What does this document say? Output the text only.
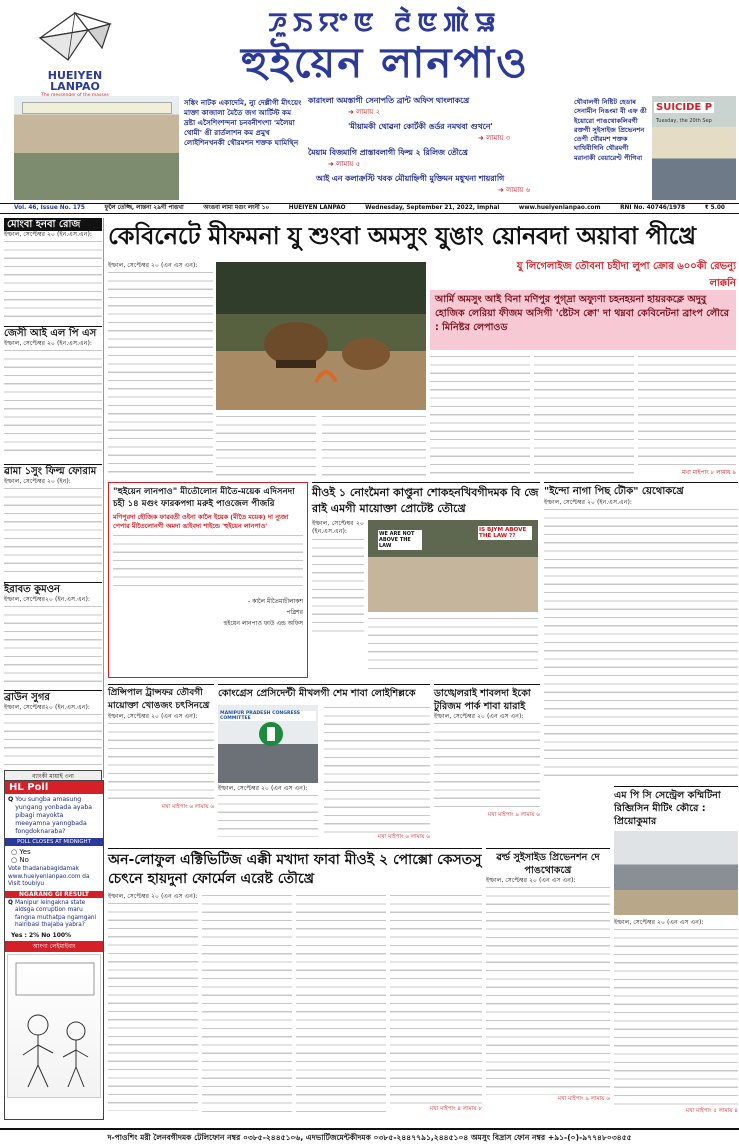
HUEIYEN LANPAO
ꯍꯨꯏꯌꯦꯟ ꯂꯥꯟꯄꯥꯎ
হুইয়েন লানপাও
সঙ্কিং নাটক একাদেমি, ন্যু দেল্লীগী মীৎয়েং মাক্তা কাজালা মৈতৈ জগ আর্টিস্ট কম দ্রষ্টা এসৈশিংশন্দনা চনবনীশংশা 'মলৈয়া থোমী' ঙী রার্তলাশন কম প্রমুখ লোইশিনখনকী থৌরমশন শক্তক ঘামিথ্নি
কারাংলা অমস্তাগী সেনাপতি ব্রান্ট অফিস থাংলাকখ্রে
➜ লামায় ২
'মীয়ামকী থোৱনা কোর্টকী ঙর্ডর নমথবা গুখনে'
➜ লামায় ৩
মৈয়াম বিজমাগি প্রাস্তাবলাগী ফিল্ম ২ রিলিজ তৌখ্রে
➜ লামায় ৫
আই এন কলাক্রস্টি খবক মৌয়াহ্নিগী মুক্তিমন মধুখনা শায়রাগি
➜ লামায় ৬
থৌবালগী নিষ্টিট হেডাৰ সেনামীন নিঙংমা বী এফ ঙী ইয়োরো পাঙথোকলিবগী রক্তগী সুইসাইজ প্রিভেনশন তেপী থৌরমশ শক্তক ঘাথিবীগিনি থৌরমগী মরানাকী বেয়ারেণ্ট পীগিবা
SUICIDE P
Tuesday, the 20th Sep
Vol. 46, Issue No. 175	ফুলৈ তেজ্জি, লান্তনা ২৯গী পাঙখা	অংঙবা লামা মগুং লংনী ১০	HUEIYEN LANPAO	Wednesday, September 21, 2022, Imphal	www.hueiyenlanpao.com	RNI No. 40746/1978	₹ 5.00
মোংবা হনবা রোজ
ইম্ফাল, সেপ্টেম্বর ২০ (ইন.এস.এন):
জেসী আই এল পি এস
ইম্ফাল, সেপ্টেম্বর ২০ (ইন.এস.এন):
ৱামা ১সুং ফিল্ম ফোরাম
ইম্ফাল, সেপ্টেম্বর ২০ (ইন):
ইরাবত কুমওন
ইম্ফাল, সেপ্টেম্বর২০ (ইন.এস.এন):
ব্রাউন সুগর
ইম্ফাল, সেপ্টেম্বর২০ (ইন.এস.এন):
ব্যাংকী মায়াই ৩না
HL Poll
Q You sungba amasung yungang yonbada ayaba pibagi mayokta meeyamna yanngbada fongdoknaraba?
POLL CLOSES AT MIDNIGHT
○ Yes
○ No
Vote thadanabagidamak www.hueiyenlanpao.com da Visit toubiyu
NGARANG GI RESULT
Q Manipur leingakna state aidsga corruption maru fangna muthatpa ngamgani hairibasi thajaba yabra?
Yes : 2% No 100%
আংগা লেইমাইবাং
কেবিনেটে মীফমনা যু শুংবা অমসুং যুঙাং য়োনবদা অয়াবা পীখ্রে
যু লিগেলাইজ তৌবনা চহীদা লুপা ক্রোর ৬০০কী রেভন্যু লাক্কনি
আর্মি অমসুং আই বিনা মণিপুর পুগ্দ্রা অফ্যুণা চহনহয়না হায়রকক্লে অদুবু হোজিক লেরিয়া ফীজম অসিগী 'ষ্টেটস ক্বো' দা থম্নবা কেবিনেটনা ব্রাংপ লৌরে : মিনিষ্টর লেপাওড
ইম্ফাল, সেপ্টেম্বর ২০ (এন এস এন):
মখা মাইপাং ৮ লামায় ৯
"হুইয়েন লানপাও" মীতৌলোন মীতৈ-ময়েক এদিসনদা চহী ১৪ মগুং ফারকপগা মরুই পাওজেল পীজরি
মণিপুরদা হৌজিক ফারবতী ওইনা কালৈ ইয়েক (মীতৈ ময়েক) দা ন্যুজা পেপার মীতৈলোনগী অমদা ঙাইবদা শাইন্ডে 'হুইয়েন লানপাও'
- কালৈ মীতৈমাচীলাকশ
পব্লিশর
হুইয়েন লানপাও ফাউ এন্ড অফিস
মীওই ১ নোংমৈনা কাপ্তুনা শোকহনখিবগীদমক বি জে রাই এমগী মায়োক্তা প্রোটেষ্ট তৌখ্রে
ইম্ফাল, সেপ্টেম্বর ২০ (ইন.এস.এন):	WE ARE NOT ABOVE THE LAW
IS BJYM ABOVE THE LAW ??
"ইন্দো নাগা পিছ টৌক" য়েথোকখ্রে
ইম্ফাল, সেপ্টেম্বর ২০ (ইন.এস.এন):
প্রিন্সিপাল ট্রান্সফর তৌবগী মায়োক্তা খোঙজং চৎসিনখ্রে
ইম্ফাল, সেপ্টেম্বর ২০ (এন এস এন):
মখা মাইপাং ৬ লামায় ৬
কোংগ্রেস প্রেসিদেন্টী মীখলগী শেম শাবা লোইশিল্লকে
MANIPUR PRADESH CONGRESS COMMITTEE
ইম্ফাল, সেপ্টেম্বর ২০ (এন এস এন):
মখা মাইপাং ৬ লামায় ৬
ডাঙ্খেলরাই শাবলদা ইকো টুরিজম পার্ক শাবা য়ারাই
ইম্ফাল, সেপ্টেম্বর ২০ (এন এস এন):
মখা মাইপাং ৯ লামায় ৬
অন-লোফুল এক্টিভিটিজ এক্কী মখাদা ফাবা মীওই ২ পোক্সো কেসতসু চেৎনে হায়দুনা ফোর্মেল এরেষ্ট তৌখ্রে
ইম্ফাল, সেপ্টেম্বর ২০ (এন এস এন):
মখা মাইপাং ৪ লামায় ৮
ৱর্ল্ড সুইসাইড প্রিভেনশন দে পাঙথোকখ্রে
ইম্ফাল, সেপ্টেম্বর ২০ (এন এস এন):
মখা মাইপাং ৯ লামায় ৬
এম পি সি সেন্ট্রেল কম্মিটিনা রিব্জিসিন মীটিং কৌরে : প্রিয়োকুমার
ইম্ফাল, সেপ্টেম্বর ২০ (এন এস এন):
মখা মাইপাং ৫ লামায় ৪
দ-পাওশিং মরী লৈনবগীদমক টেলিফোন নম্বর ০৩৮৫-২৪৪৫১০৬, এদভার্টিজমেন্টকীদমক ০৩৮৫-২৪৪৭৭৯১,২৪৪৫১০৪ অমসুং বিদ্রাস ফোন নম্বর +৯১-(০)-৯৭৭৪৮০৩৪৫৫
